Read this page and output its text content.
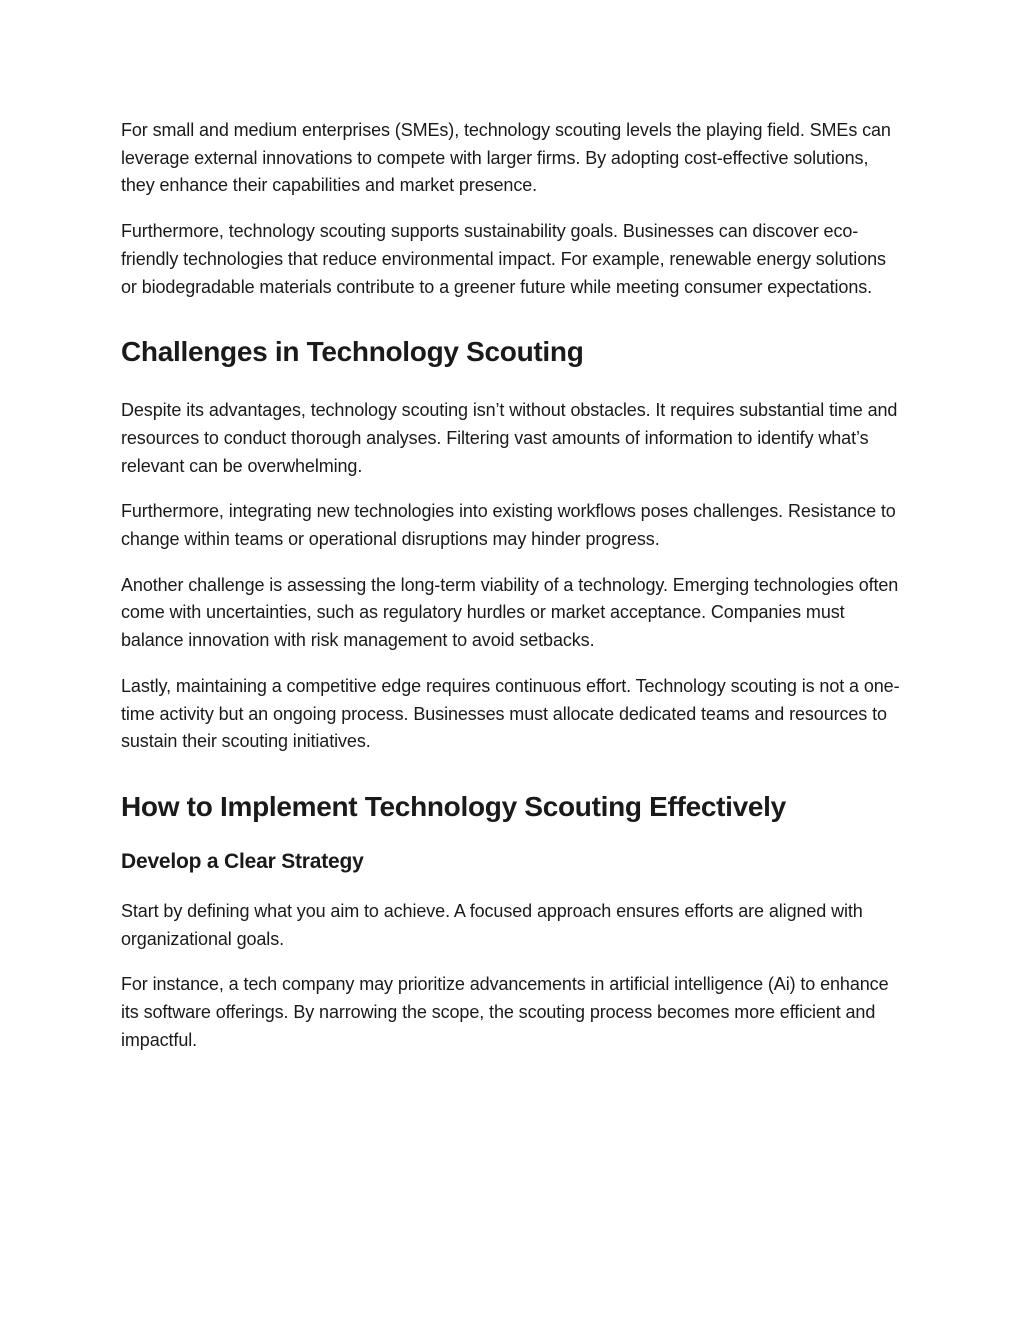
For small and medium enterprises (SMEs), technology scouting levels the playing field. SMEs can leverage external innovations to compete with larger firms. By adopting cost-effective solutions, they enhance their capabilities and market presence.

Furthermore, technology scouting supports sustainability goals. Businesses can discover eco-friendly technologies that reduce environmental impact. For example, renewable energy solutions or biodegradable materials contribute to a greener future while meeting consumer expectations.

Challenges in Technology Scouting

Despite its advantages, technology scouting isn’t without obstacles. It requires substantial time and resources to conduct thorough analyses. Filtering vast amounts of information to identify what’s relevant can be overwhelming.

Furthermore, integrating new technologies into existing workflows poses challenges. Resistance to change within teams or operational disruptions may hinder progress.

Another challenge is assessing the long-term viability of a technology. Emerging technologies often come with uncertainties, such as regulatory hurdles or market acceptance. Companies must balance innovation with risk management to avoid setbacks.

Lastly, maintaining a competitive edge requires continuous effort. Technology scouting is not a one-time activity but an ongoing process. Businesses must allocate dedicated teams and resources to sustain their scouting initiatives.

How to Implement Technology Scouting Effectively
Develop a Clear Strategy

Start by defining what you aim to achieve. A focused approach ensures efforts are aligned with organizational goals.

For instance, a tech company may prioritize advancements in artificial intelligence (Ai) to enhance its software offerings. By narrowing the scope, the scouting process becomes more efficient and impactful.
